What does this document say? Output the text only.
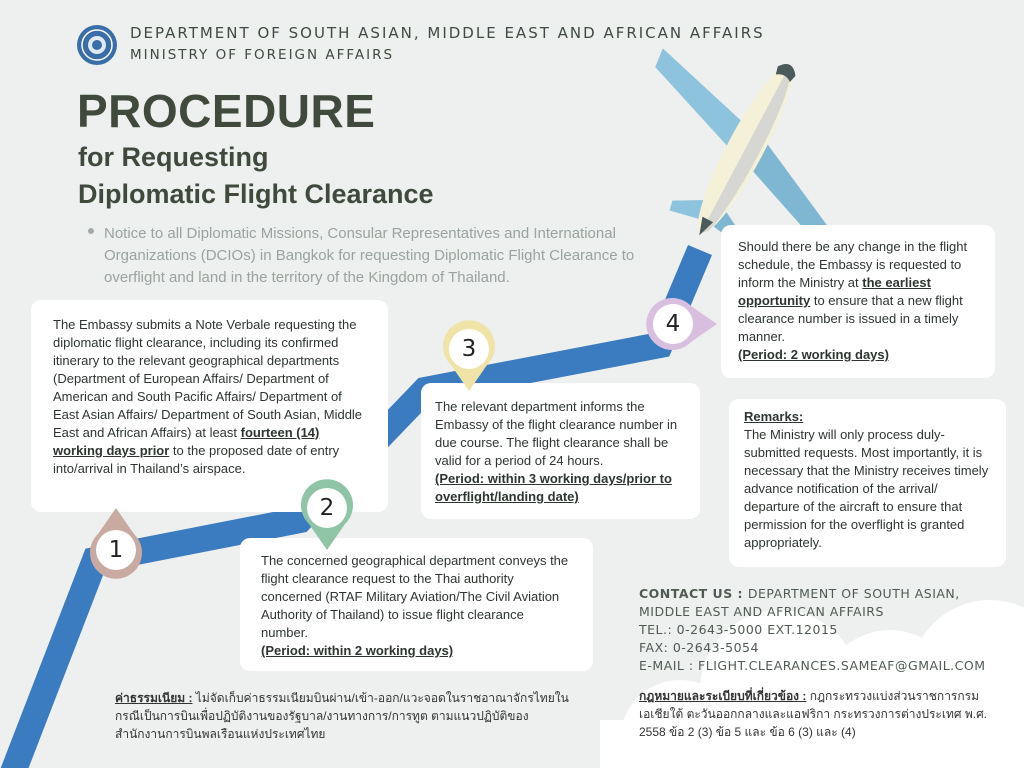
DEPARTMENT OF SOUTH ASIAN, MIDDLE EAST AND AFRICAN AFFAIRS
MINISTRY OF FOREIGN AFFAIRS
PROCEDURE
for Requesting
Diplomatic Flight Clearance
Notice to all Diplomatic Missions, Consular Representatives and International Organizations (DCIOs) in Bangkok for requesting Diplomatic Flight Clearance to overflight and land in the territory of the Kingdom of Thailand.
The Embassy submits a Note Verbale requesting the diplomatic flight clearance, including its confirmed itinerary to the relevant geographical departments (Department of European Affairs/ Department of American and South Pacific Affairs/ Department of East Asian Affairs/ Department of South Asian, Middle East and African Affairs) at least fourteen (14) working days prior to the proposed date of entry into/arrival in Thailand’s airspace.
The concerned geographical department conveys the flight clearance request to the Thai authority concerned (RTAF Military Aviation/The Civil Aviation Authority of Thailand) to issue flight clearance number.
(Period: within 2 working days)
The relevant department informs the Embassy of the flight clearance number in due course. The flight clearance shall be valid for a period of 24 hours.
(Period: within 3 working days/prior to overflight/landing date)
Should there be any change in the flight schedule, the Embassy is requested to inform the Ministry at the earliest opportunity to ensure that a new flight clearance number is issued in a timely manner.
(Period: 2 working days)
Remarks:
The Ministry will only process duly-submitted requests. Most importantly, it is necessary that the Ministry receives timely advance notification of the arrival/ departure of the aircraft to ensure that permission for the overflight is granted appropriately.
1
2
3
4
CONTACT US : DEPARTMENT OF SOUTH ASIAN,
MIDDLE EAST AND AFRICAN AFFAIRS
TEL.: 0-2643-5000 EXT.12015
FAX: 0-2643-5054
E-MAIL : FLIGHT.CLEARANCES.SAMEAF@GMAIL.COM
ค่าธรรมเนียม : ไม่จัดเก็บค่าธรรมเนียมบินผ่าน/เข้า-ออก/แวะจอดในราชอาณาจักรไทยในกรณีเป็นการบินเพื่อปฏิบัติงานของรัฐบาล/งานทางการ/การทูต ตามแนวปฏิบัติของสำนักงานการบินพลเรือนแห่งประเทศไทย
กฎหมายและระเบียบที่เกี่ยวข้อง : กฎกระทรวงแบ่งส่วนราชการกรมเอเชียใต้ ตะวันออกกลางและแอฟริกา กระทรวงการต่างประเทศ พ.ศ. 2558 ข้อ 2 (3) ข้อ 5 และ ข้อ 6 (3) และ (4)
